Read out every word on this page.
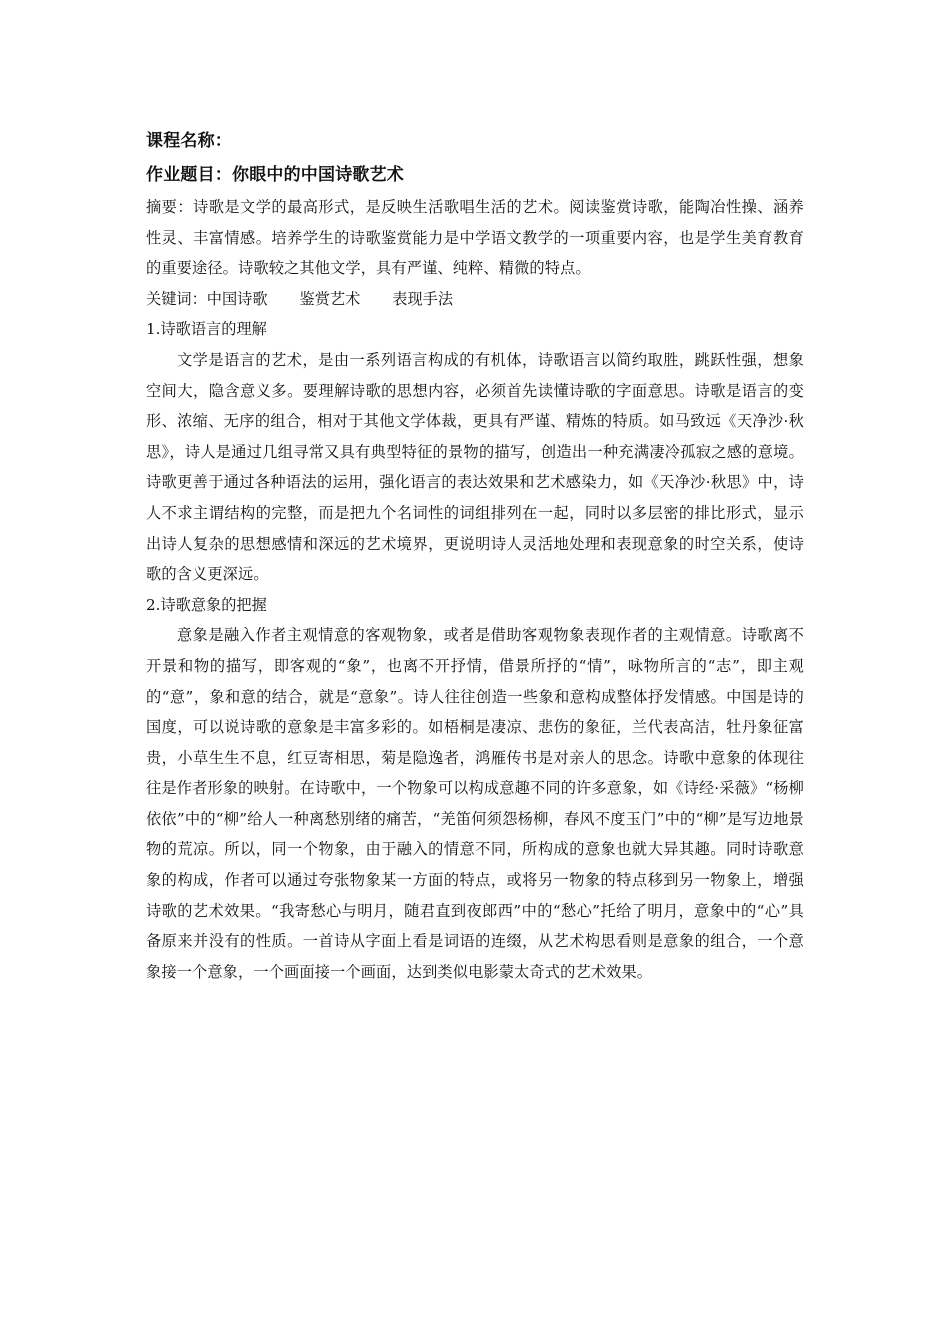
课程名称：
作业题目：你眼中的中国诗歌艺术

摘要：诗歌是文学的最高形式，是反映生活歌唱生活的艺术。阅读鉴赏诗歌，能陶冶性操、涵养性灵、丰富情感。培养学生的诗歌鉴赏能力是中学语文教学的一项重要内容，也是学生美育教育的重要途径。诗歌较之其他文学，具有严谨、纯粹、精微的特点。

关键词：中国诗歌 鉴赏艺术 表现手法

1.诗歌语言的理解

文学是语言的艺术，是由一系列语言构成的有机体，诗歌语言以简约取胜，跳跃性强，想象空间大，隐含意义多。要理解诗歌的思想内容，必须首先读懂诗歌的字面意思。诗歌是语言的变形、浓缩、无序的组合，相对于其他文学体裁，更具有严谨、精炼的特质。如马致远《天净沙·秋思》，诗人是通过几组寻常又具有典型特征的景物的描写，创造出一种充满凄冷孤寂之感的意境。诗歌更善于通过各种语法的运用，强化语言的表达效果和艺术感染力，如《天净沙·秋思》中，诗人不求主谓结构的完整，而是把九个名词性的词组排列在一起，同时以多层密的排比形式，显示出诗人复杂的思想感情和深远的艺术境界，更说明诗人灵活地处理和表现意象的时空关系，使诗歌的含义更深远。

2.诗歌意象的把握

意象是融入作者主观情意的客观物象，或者是借助客观物象表现作者的主观情意。诗歌离不开景和物的描写，即客观的“象”，也离不开抒情，借景所抒的“情”，咏物所言的“志”，即主观的“意”，象和意的结合，就是“意象”。诗人往往创造一些象和意构成整体抒发情感。中国是诗的国度，可以说诗歌的意象是丰富多彩的。如梧桐是凄凉、悲伤的象征，兰代表高洁，牡丹象征富贵，小草生生不息，红豆寄相思，菊是隐逸者，鸿雁传书是对亲人的思念。诗歌中意象的体现往往是作者形象的映射。在诗歌中，一个物象可以构成意趣不同的许多意象，如《诗经·采薇》“杨柳依依”中的“柳”给人一种离愁别绪的痛苦，“羌笛何须怨杨柳，春风不度玉门”中的“柳”是写边地景物的荒凉。所以，同一个物象，由于融入的情意不同，所构成的意象也就大异其趣。同时诗歌意象的构成，作者可以通过夸张物象某一方面的特点，或将另一物象的特点移到另一物象上，增强诗歌的艺术效果。“我寄愁心与明月，随君直到夜郎西”中的“愁心”托给了明月，意象中的“心”具备原来并没有的性质。一首诗从字面上看是词语的连缀，从艺术构思看则是意象的组合，一个意象接一个意象，一个画面接一个画面，达到类似电影蒙太奇式的艺术效果。
